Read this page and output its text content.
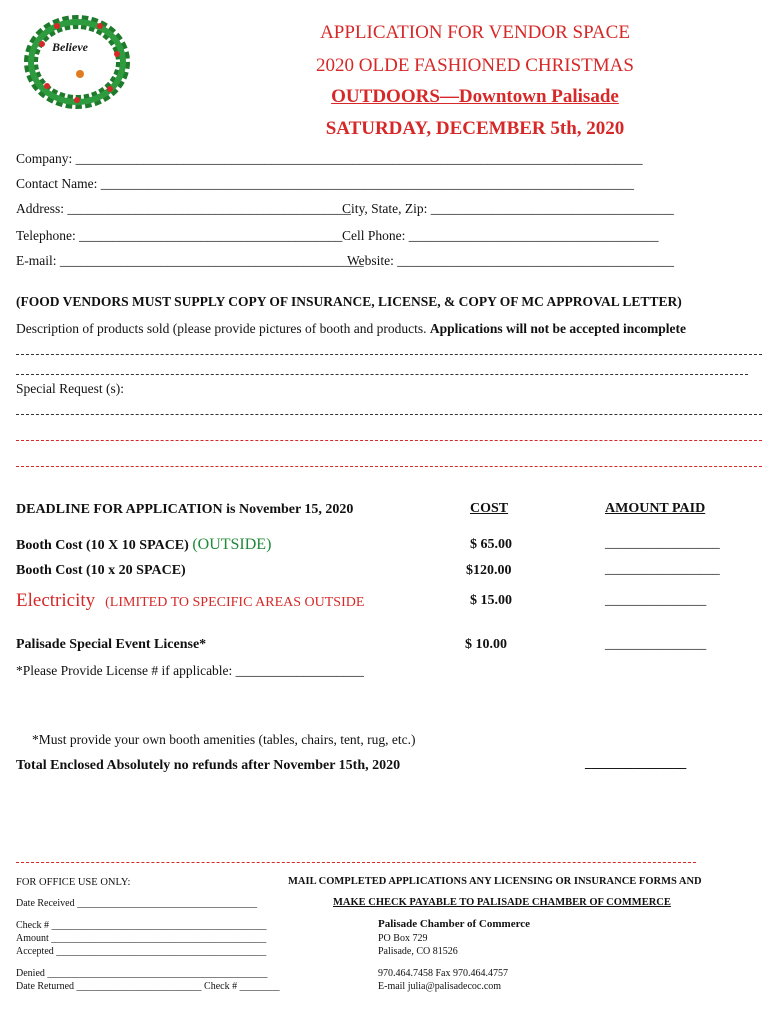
Believe
APPLICATION FOR VENDOR SPACE
2020 OLDE FASHIONED CHRISTMAS
OUTDOORS—Downtown Palisade
SATURDAY, DECEMBER 5th, 2020
Company: ____________________________________________________________________________________
Contact Name: _______________________________________________________________________________
Address: __________________________________________
City, State, Zip: ____________________________________
Telephone: _______________________________________ Cell Phone: _____________________________________
E-mail: _____________________________________________
Website: _________________________________________
(FOOD VENDORS MUST SUPPLY COPY OF INSURANCE, LICENSE, & COPY OF MC APPROVAL LETTER)
Description of products sold (please provide pictures of booth and products. Applications will not be accepted incomplete
Special Request (s):
DEADLINE FOR APPLICATION is November 15, 2020	COST	AMOUNT PAID
Booth Cost (10 X 10 SPACE) (OUTSIDE)	$ 65.00	_________________
Booth Cost (10 x 20 SPACE)	$120.00	_________________
Electricity (LIMITED TO SPECIFIC AREAS OUTSIDE	$ 15.00	_______________
Palisade Special Event License*	$ 10.00	_______________
*Please Provide License # if applicable: ___________________
*Must provide your own booth amenities (tables, chairs, tent, rug, etc.)
Total Enclosed Absolutely no refunds after November 15th, 2020	_______________
FOR OFFICE USE ONLY:
Date Received ____________________________________
Check # ___________________________________________
Amount ___________________________________________
Accepted __________________________________________
Denied ____________________________________________
Date Returned _________________________ Check # ________
MAIL COMPLETED APPLICATIONS ANY LICENSING OR INSURANCE FORMS AND
MAKE CHECK PAYABLE TO PALISADE CHAMBER OF COMMERCE
Palisade Chamber of Commerce
PO Box 729
Palisade, CO 81526
970.464.7458 Fax 970.464.4757
E-mail julia@palisadecoc.com
